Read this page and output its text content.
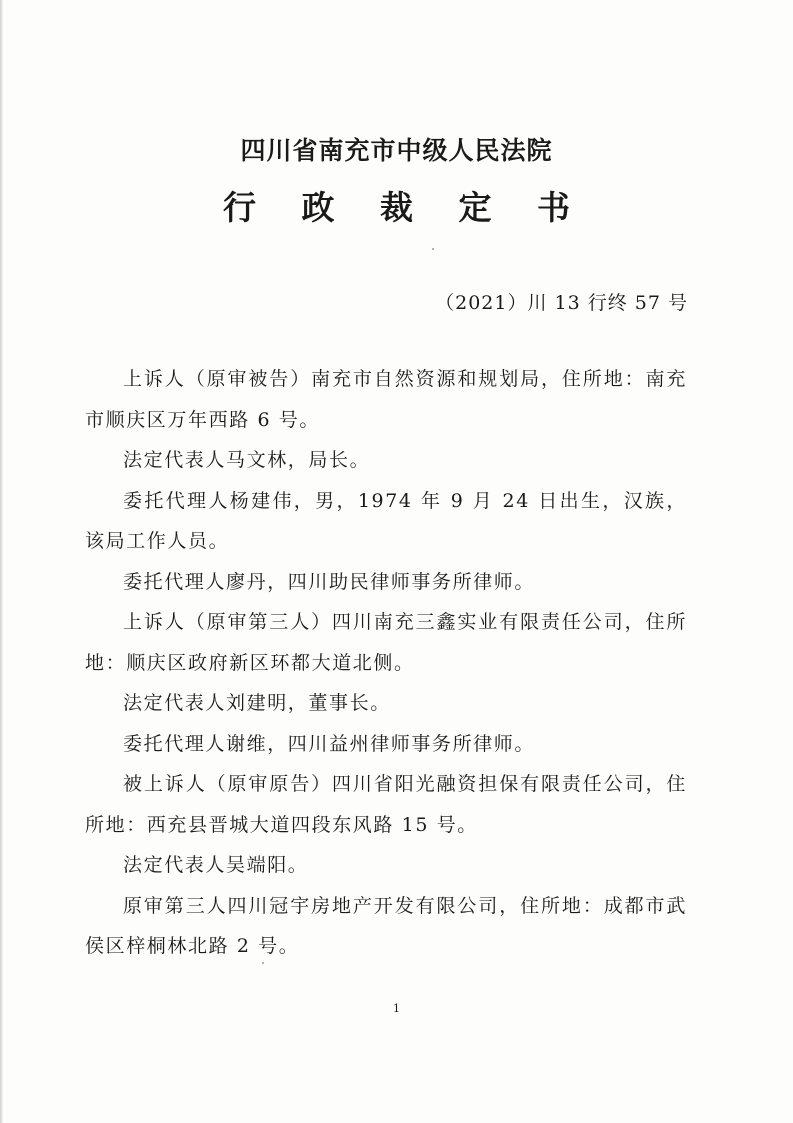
四川省南充市中级人民法院
行 政 裁 定 书
（2021）川 13 行终 57 号

上诉人（原审被告）南充市自然资源和规划局，住所地：南充市顺庆区万年西路 6 号。

法定代表人马文林，局长。

委托代理人杨建伟，男，1974 年 9 月 24 日出生，汉族，该局工作人员。

委托代理人廖丹，四川助民律师事务所律师。

上诉人（原审第三人）四川南充三鑫实业有限责任公司，住所地：顺庆区政府新区环都大道北侧。

法定代表人刘建明，董事长。

委托代理人谢维，四川益州律师事务所律师。

被上诉人（原审原告）四川省阳光融资担保有限责任公司，住所地：西充县晋城大道四段东风路 15 号。

法定代表人吴端阳。

原审第三人四川冠宇房地产开发有限公司，住所地：成都市武侯区梓桐林北路 2 号。

1
